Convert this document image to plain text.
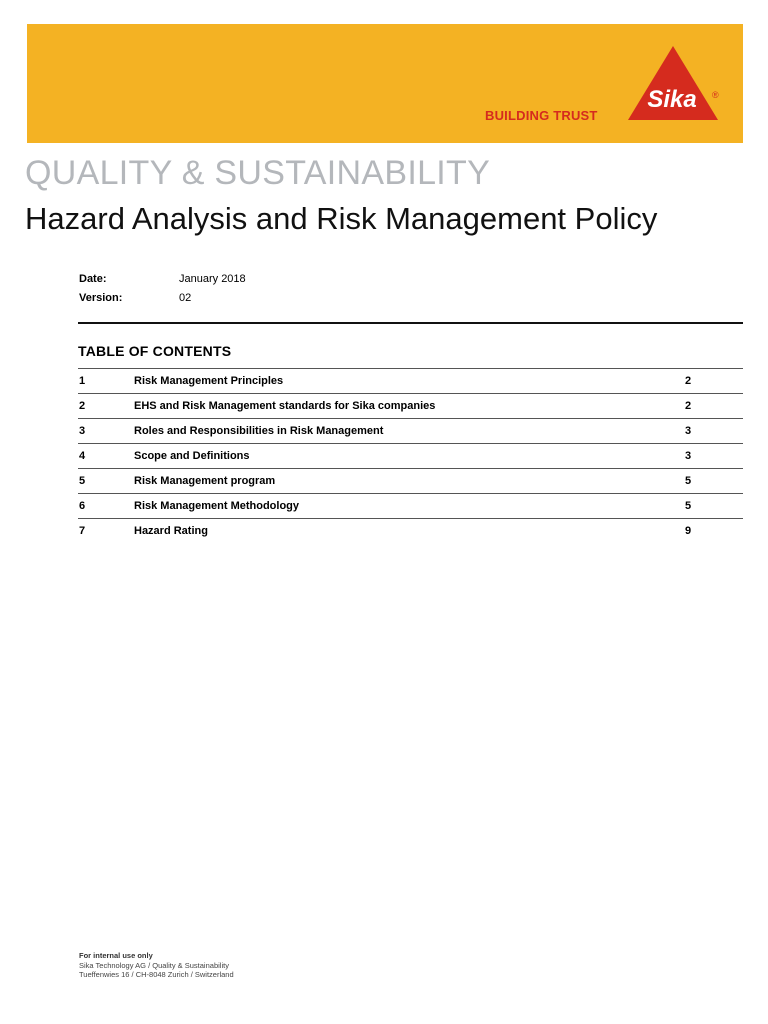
BUILDING TRUST
Sika ®
QUALITY & SUSTAINABILITY
Hazard Analysis and Risk Management Policy
Date:	January 2018
Version:	02
TABLE OF CONTENTS
1	Risk Management Principles	2
2	EHS and Risk Management standards for Sika companies	2
3	Roles and Responsibilities in Risk Management	3
4	Scope and Definitions	3
5	Risk Management program	5
6	Risk Management Methodology	5
7	Hazard Rating	9
For internal use only
Sika Technology AG / Quality & Sustainability
Tueffenwies 16 / CH-8048 Zurich / Switzerland
